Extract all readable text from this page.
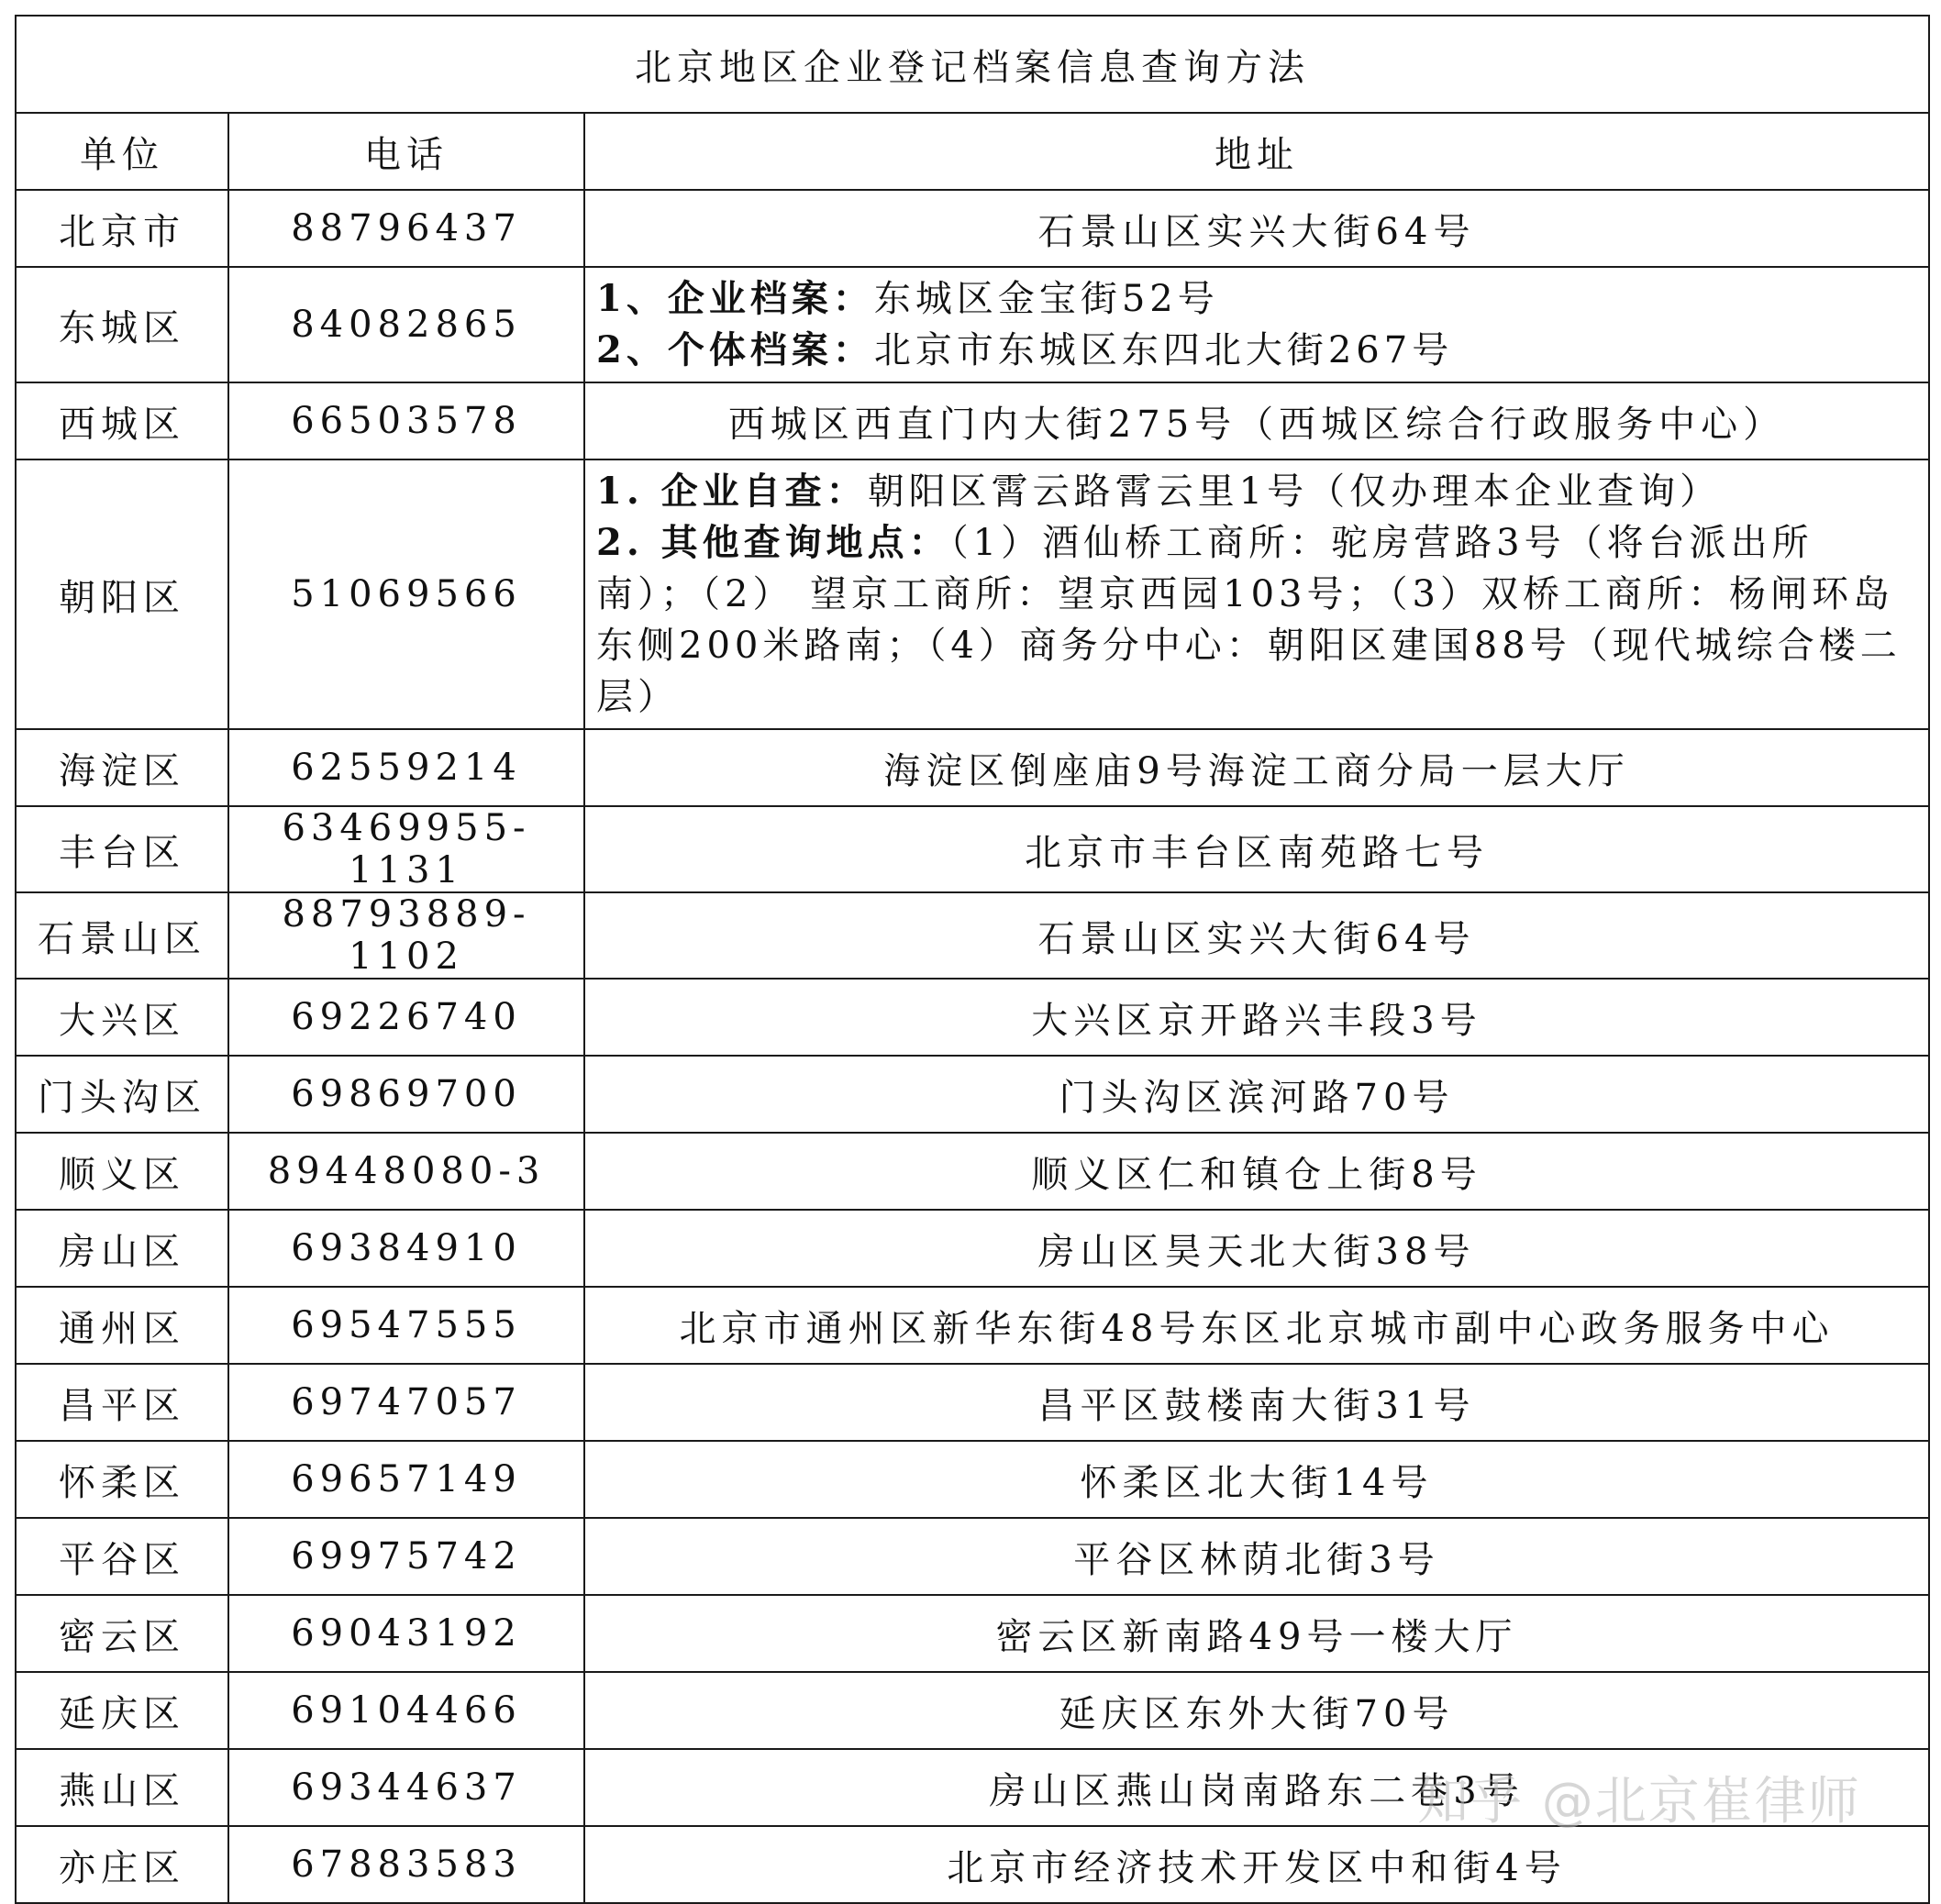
北京地区企业登记档案信息查询方法		
单位	电话	地址
北京市	88796437	石景山区实兴大街64号
东城区	84082865	1、企业档案：东城区金宝街52号
2、个体档案：北京市东城区东四北大街267号

西城区	66503578	西城区西直门内大街275号（西城区综合行政服务中心）
朝阳区	51069566	1. 企业自查：朝阳区霄云路霄云里1号（仅办理本企业查询）
2. 其他查询地点：（1）酒仙桥工商所：驼房营路3号（将台派出所南）；（2） 望京工商所：望京西园103号；（3）双桥工商所：杨闸环岛东侧200米路南；（4）商务分中心：朝阳区建国88号（现代城综合楼二层）

海淀区	62559214	海淀区倒座庙9号海淀工商分局一层大厅
丰台区	63469955-1131	北京市丰台区南苑路七号
石景山区	88793889-1102	石景山区实兴大街64号
大兴区	69226740	大兴区京开路兴丰段3号
门头沟区	69869700	门头沟区滨河路70号
顺义区	89448080-3	顺义区仁和镇仓上街8号
房山区	69384910	房山区昊天北大街38号
通州区	69547555	北京市通州区新华东街48号东区北京城市副中心政务服务中心
昌平区	69747057	昌平区鼓楼南大街31号
怀柔区	69657149	怀柔区北大街14号
平谷区	69975742	平谷区林荫北街3号
密云区	69043192	密云区新南路49号一楼大厅
延庆区	69104466	延庆区东外大街70号
燕山区	69344637	房山区燕山岗南路东二巷3号
亦庄区	67883583	北京市经济技术开发区中和街4号
知乎 @北京崔律师
